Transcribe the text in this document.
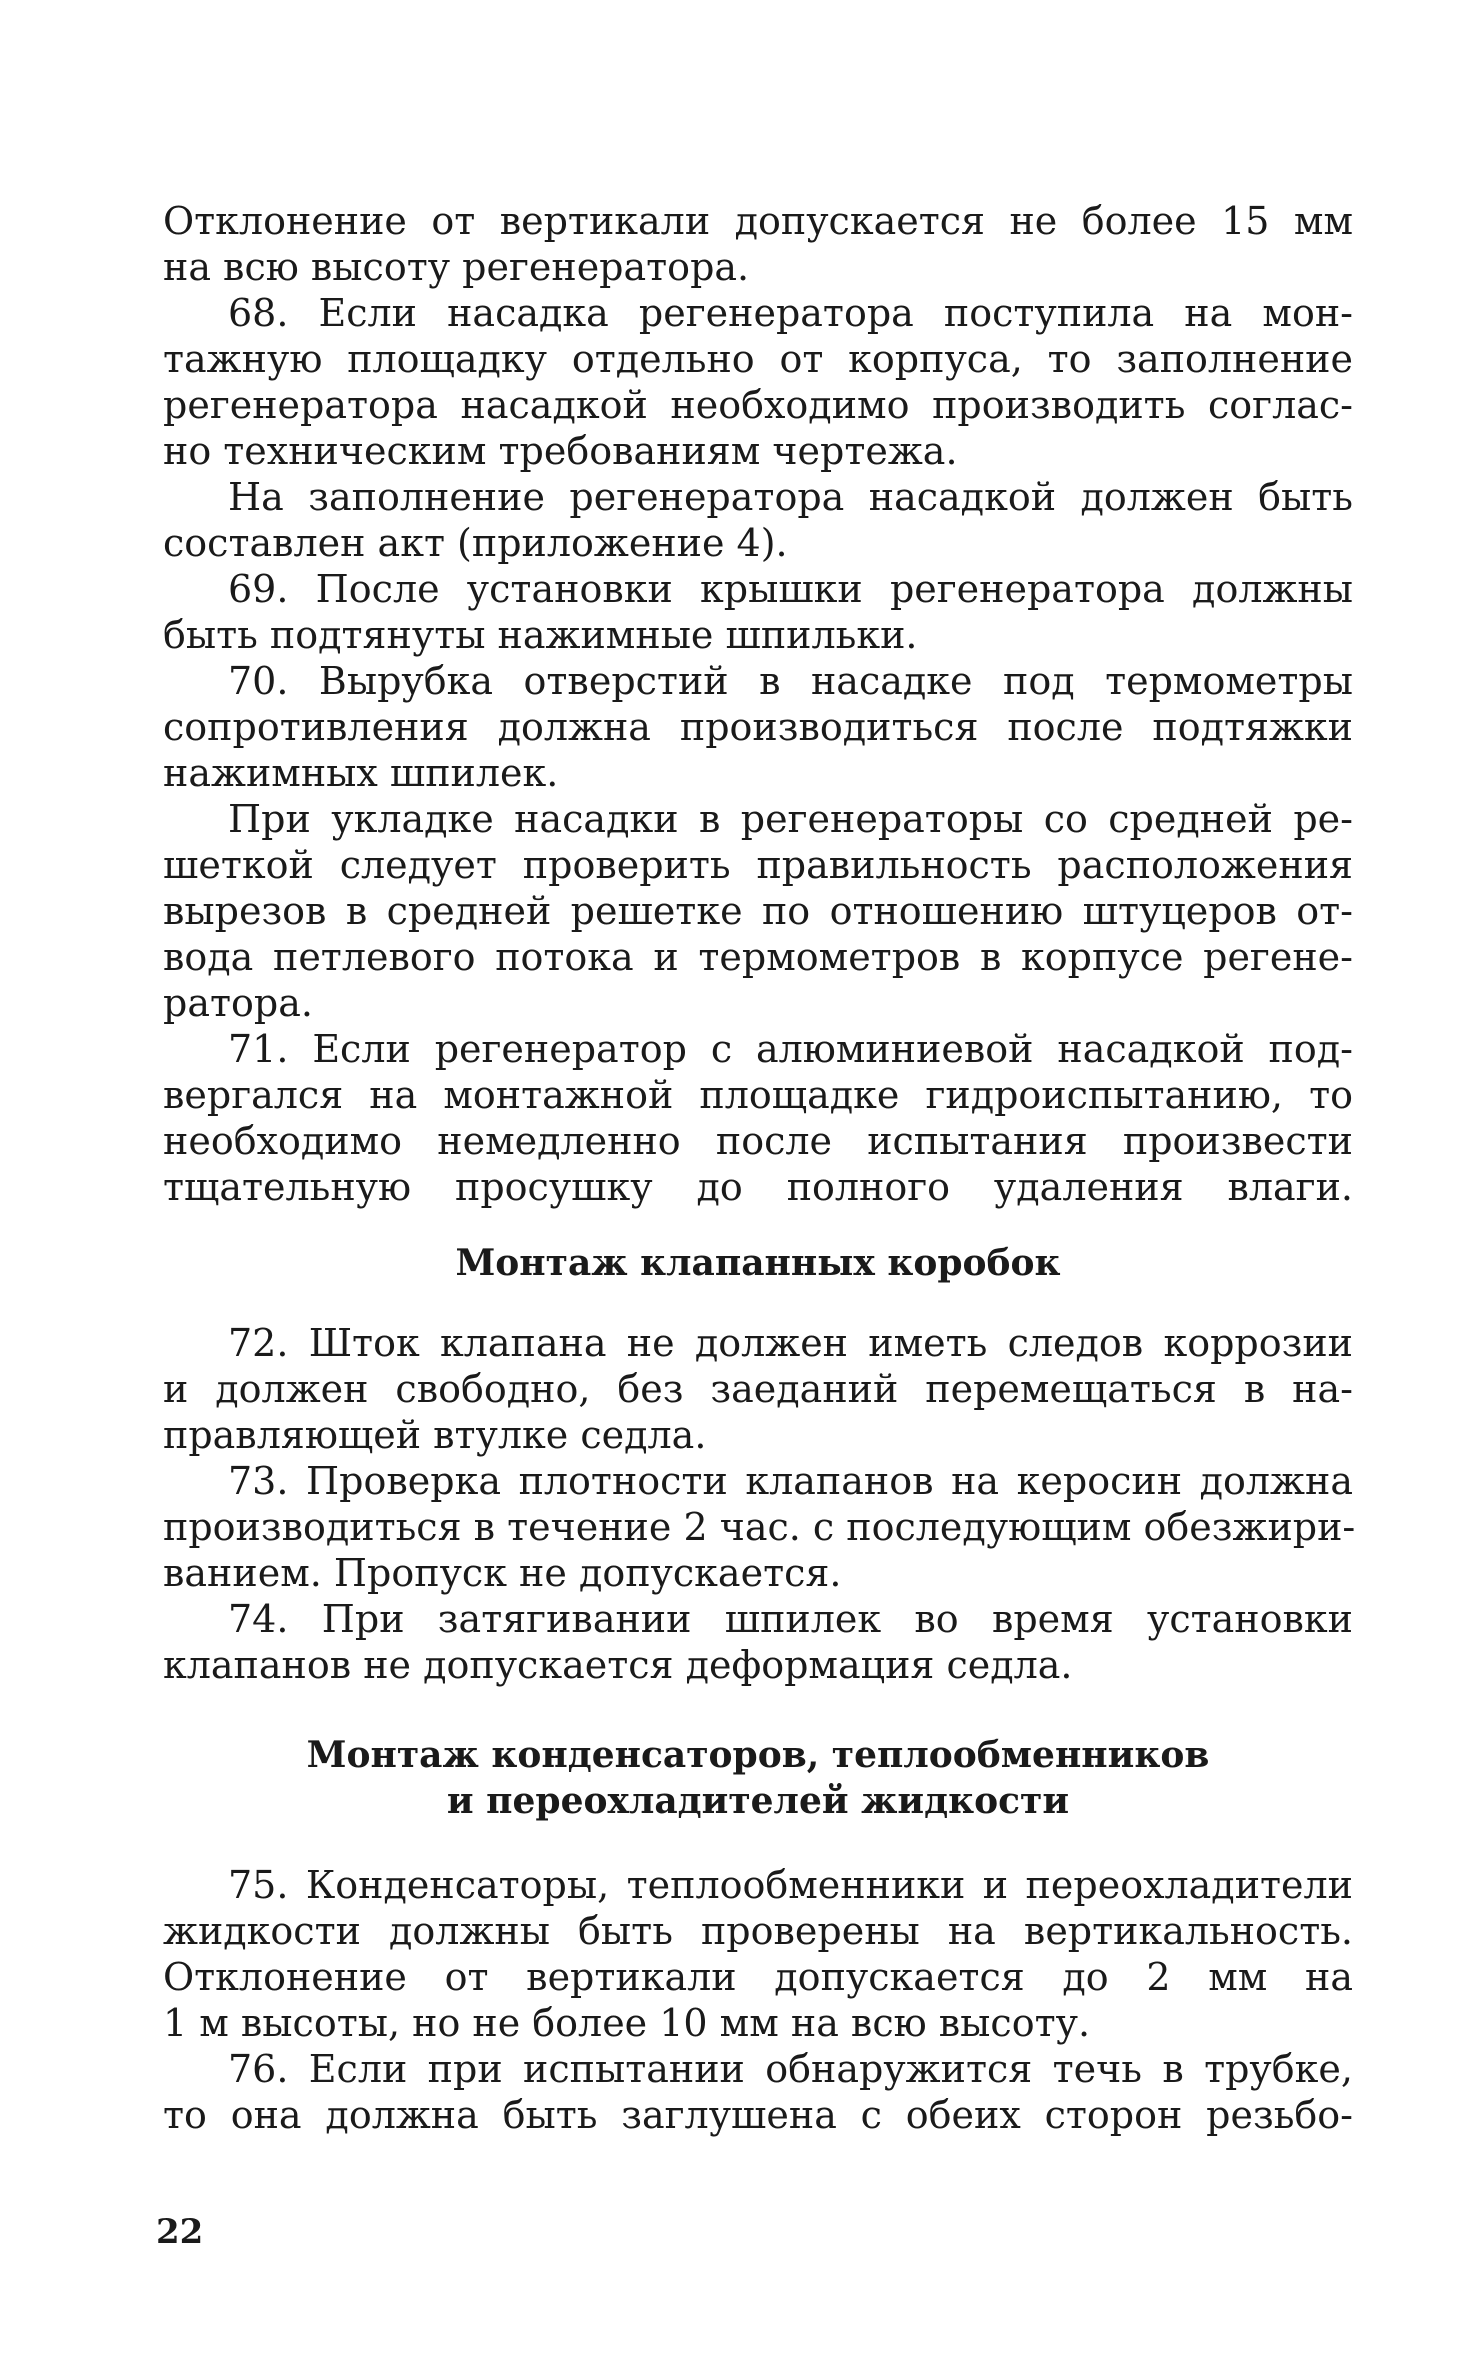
Отклонение от вертикали допускается не более 15 мм
на всю высоту регенератора.
68. Если насадка регенератора поступила на мон-
тажную площадку отдельно от корпуса, то заполнение
регенератора насадкой необходимо производить соглас-
но техническим требованиям чертежа.
На заполнение регенератора насадкой должен быть
составлен акт (приложение 4).
69. После установки крышки регенератора должны
быть подтянуты нажимные шпильки.
70. Вырубка отверстий в насадке под термометры
сопротивления должна производиться после подтяжки
нажимных шпилек.
При укладке насадки в регенераторы со средней ре-
шеткой следует проверить правильность расположения
вырезов в средней решетке по отношению штуцеров от-
вода петлевого потока и термометров в корпусе регене-
ратора.
71. Если регенератор с алюминиевой насадкой под-
вергался на монтажной площадке гидроиспытанию, то
необходимо немедленно после испытания произвести
тщательную просушку до полного удаления влаги.
Монтаж клапанных коробок
72. Шток клапана не должен иметь следов коррозии
и должен свободно, без заеданий перемещаться в на-
правляющей втулке седла.
73. Проверка плотности клапанов на керосин должна
производиться в течение 2 час. с последующим обезжири-
ванием. Пропуск не допускается.
74. При затягивании шпилек во время установки
клапанов не допускается деформация седла.
Монтаж конденсаторов, теплообменников
и переохладителей жидкости
75. Конденсаторы, теплообменники и переохладители
жидкости должны быть проверены на вертикальность.
Отклонение от вертикали допускается до 2 мм на
1 м высоты, но не более 10 мм на всю высоту.
76. Если при испытании обнаружится течь в трубке,
то она должна быть заглушена с обеих сторон резьбо-
22
